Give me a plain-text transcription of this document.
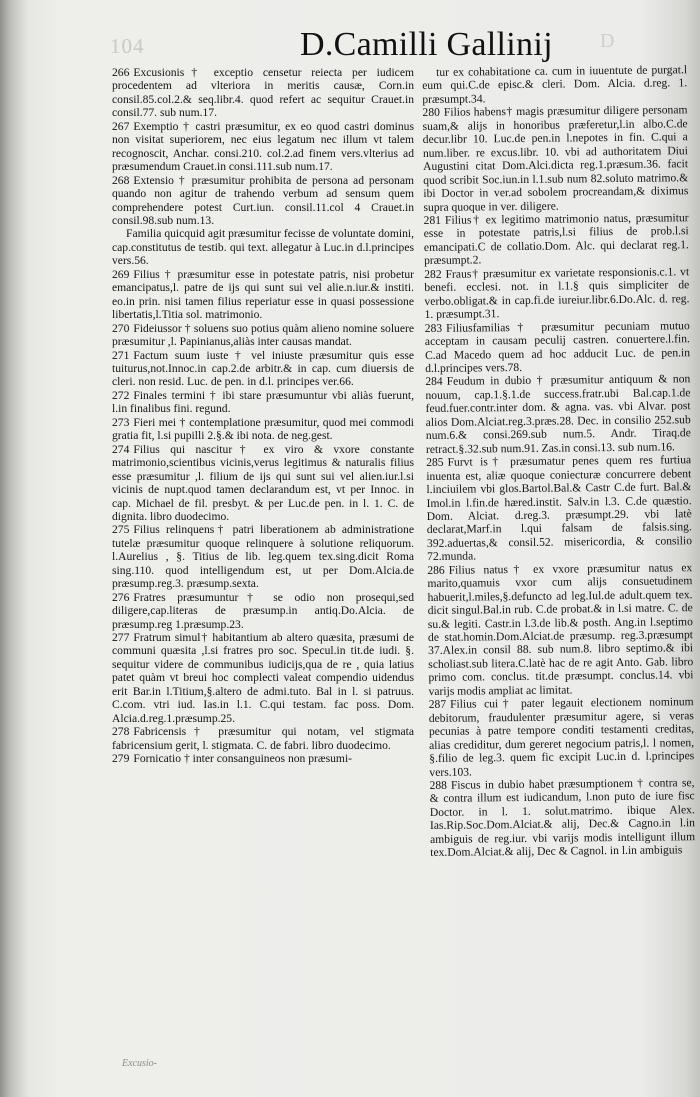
104	D
D.Camilli Gallinij

266 Excusionis† exceptio censetur reiecta per iudicem procedentem ad vlteriora in meritis causæ, Corn.in consil.85.col.2.& seq.libr.4. quod refert ac sequitur Crauet.in consil.77. sub num.17.

267 Exemptio † castri præsumitur, ex eo quod castri dominus non visitat superiorem, nec eius legatum nec illum vt talem recognoscit, Anchar. consi.210. col.2.ad finem vers.vlterius ad præsumendum Crauet.in consi.111.sub num.17.

268 Extensio † præsumitur prohibita de persona ad personam quando non agitur de trahendo verbum ad sensum quem comprehendere potest Curt.iun. consil.11.col 4 Crauet.in consil.98.sub num.13.

Familia quicquid agit præsumitur fecisse de voluntate domini, cap.constitutus de testib. qui text. allegatur à Luc.in d.l.principes vers.56.

269 Filius † præsumitur esse in potestate patris, nisi probetur emancipatus,l. patre de ijs qui sunt sui vel alie.n.iur.& institi. eo.in prin. nisi tamen filius reperiatur esse in quasi possessione libertatis,l.Titia sol. matrimonio.

270 Fideiussor † soluens suo potius quàm alieno nomine soluere præsumitur ,l. Papinianus,aliàs inter causas mandat.

271 Factum suum iuste † vel iniuste præsumitur quis esse tuiturus,not.Innoc.in cap.2.de arbitr.& in cap. cum diuersis de cleri. non resid. Luc. de pen. in d.l. principes ver.66.

272 Finales termini † ibi stare præsumuntur vbi aliàs fuerunt, l.in finalibus fini. regund.

273 Fieri mei † contemplatione præsumitur, quod mei commodi gratia fit, l.si pupilli 2.§.& ibi nota. de neg.gest.

274 Filius qui nascitur† ex viro & vxore constante matrimonio,scientibus vicinis,verus legitimus & naturalis filius esse præsumitur ,l. filium de ijs qui sunt sui vel alien.iur.l.si vicinis de nupt.quod tamen declarandum est, vt per Innoc. in cap. Michael de fil. presbyt. & per Luc.de pen. in l. 1. C. de dignita. libro duodecimo.

275 Filius relinquens† patri liberationem ab administratione tutelæ præsumitur quoque relinquere à solutione reliquorum. l.Aurelius , §. Titius de lib. leg.quem tex.sing.dicit Roma sing.110. quod intelligendum est, ut per Dom.Alcia.de præsump.reg.3. præsump.sexta.

276 Fratres præsumuntur† se odio non prosequi,sed diligere,cap.literas de præsump.in antiq.Do.Alcia. de præsump.reg 1.præsump.23.

277 Fratrum simul† habitantium ab altero quæsita, præsumi de communi quæsita ,l.si fratres pro soc. Specul.in tit.de iudi. §. sequitur videre de communibus iudicijs,qua de re , quia latius patet quàm vt breui hoc complecti valeat compendio uidendus erit Bar.in l.Titium,§.altero de admi.tuto. Bal in l. si patruus. C.com. vtri iud. Ias.in l.1. C.qui testam. fac poss. Dom. Alcia.d.reg.1.præsump.25.

278 Fabricensis† præsumitur qui notam, vel stigmata fabricensium gerit, l. stigmata. C. de fabri. libro duodecimo.

279 Fornicatio † inter consanguineos non præsumi-

tur ex cohabitatione ca. cum in iuuentute de purgat.l eum qui.C.de episc.& cleri. Dom. Alcia. d.reg. 1. præsumpt.34.

280 Filios habens† magis præsumitur diligere personam suam,& alijs in honoribus præferetur,l.in albo.C.de decur.libr 10. Luc.de pen.in l.nepotes in fin. C.qui a num.liber. re excus.libr. 10. vbi ad authoritatem Diui Augustini citat Dom.Alci.dicta reg.1.præsum.36. facit quod scribit Soc.iun.in l.1.sub num 82.soluto matrimo.& ibi Doctor in ver.ad sobolem procreandam,& diximus supra quoque in ver. diligere.

281 Filius† ex legitimo matrimonio natus, præsumitur esse in potestate patris,l.si filius de prob.l.si emancipati.C de collatio.Dom. Alc. qui declarat reg.1. præsumpt.2.

282 Fraus† præsumitur ex varietate responsionis.c.1. vt benefi. ecclesi. not. in l.1.§ quis simpliciter de verbo.obligat.& in cap.fi.de iureiur.libr.6.Do.Alc. d. reg. 1. præsumpt.31.

283 Filiusfamilias† præsumitur pecuniam mutuo acceptam in causam peculij castren. conuertere.l.fin. C.ad Macedo quem ad hoc adducit Luc. de pen.in d.l.principes vers.78.

284 Feudum in dubio † præsumitur antiquum & non nouum, cap.1.§.1.de success.fratr.ubi Bal.cap.1.de feud.fuer.contr.inter dom. & agna. vas. vbi Alvar. post alios Dom.Alciat.reg.3.præs.28. Dec. in consilio 252.sub num.6.& consi.269.sub num.5. Andr. Tiraq.de retract.§.32.sub num.91. Zas.in consi.13. sub num.16.

285 Furvt is† præsumatur penes quem res furtiua inuenta est, aliæ quoque coniecturæ concurrere debent l.inciuilem vbi glos.Bartol.Bal.& Castr C.de furt. Bal.& Imol.in l.fin.de hæred.instit. Salv.in l.3. C.de quæstio. Dom. Alciat. d.reg.3. præsumpt.29. vbi latè declarat,Marf.in l.qui falsam de falsis.sing. 392.aduertas,& consil.52. misericordia, & consilio 72.munda.

286 Filius natus† ex vxore præsumitur natus ex marito,quamuis vxor cum alijs consuetudinem habuerit,l.miles,§.defuncto ad leg.Iul.de adult.quem tex. dicit singul.Bal.in rub. C.de probat.& in l.si matre. C. de su.& legiti. Castr.in l.3.de lib.& posth. Ang.in l.septimo de stat.homin.Dom.Alciat.de præsump. reg.3.præsumpt 37.Alex.in consil 88. sub num.8. libro septimo.& ibi scholiast.sub litera.C.latè hac de re agit Anto. Gab. libro primo com. conclus. tit.de præsumpt. conclus.14. vbi varijs modis ampliat ac limitat.

287 Filius cui† pater legauit electionem nominum debitorum, fraudulenter præsumitur agere, si veras pecunias à patre tempore conditi testamenti creditas, alias crediditur, dum gereret negocium patris,l. l nomen, §.filio de leg.3. quem fic excipit Luc.in d. l.principes vers.103.

288 Fiscus in dubio habet præsumptionem † contra se, & contra illum est iudicandum, l.non puto de iure fisc Doctor. in l. 1. solut.matrimo. ibique Alex. Ias.Rip.Soc.Dom.Alciat.& alij, Dec.& Cagno.in l.in ambiguis de reg.iur. vbi varijs modis intelligunt illum tex.Dom.Alciat.& alij, Dec & Cagnol. in l.in ambiguis

Excusio-
